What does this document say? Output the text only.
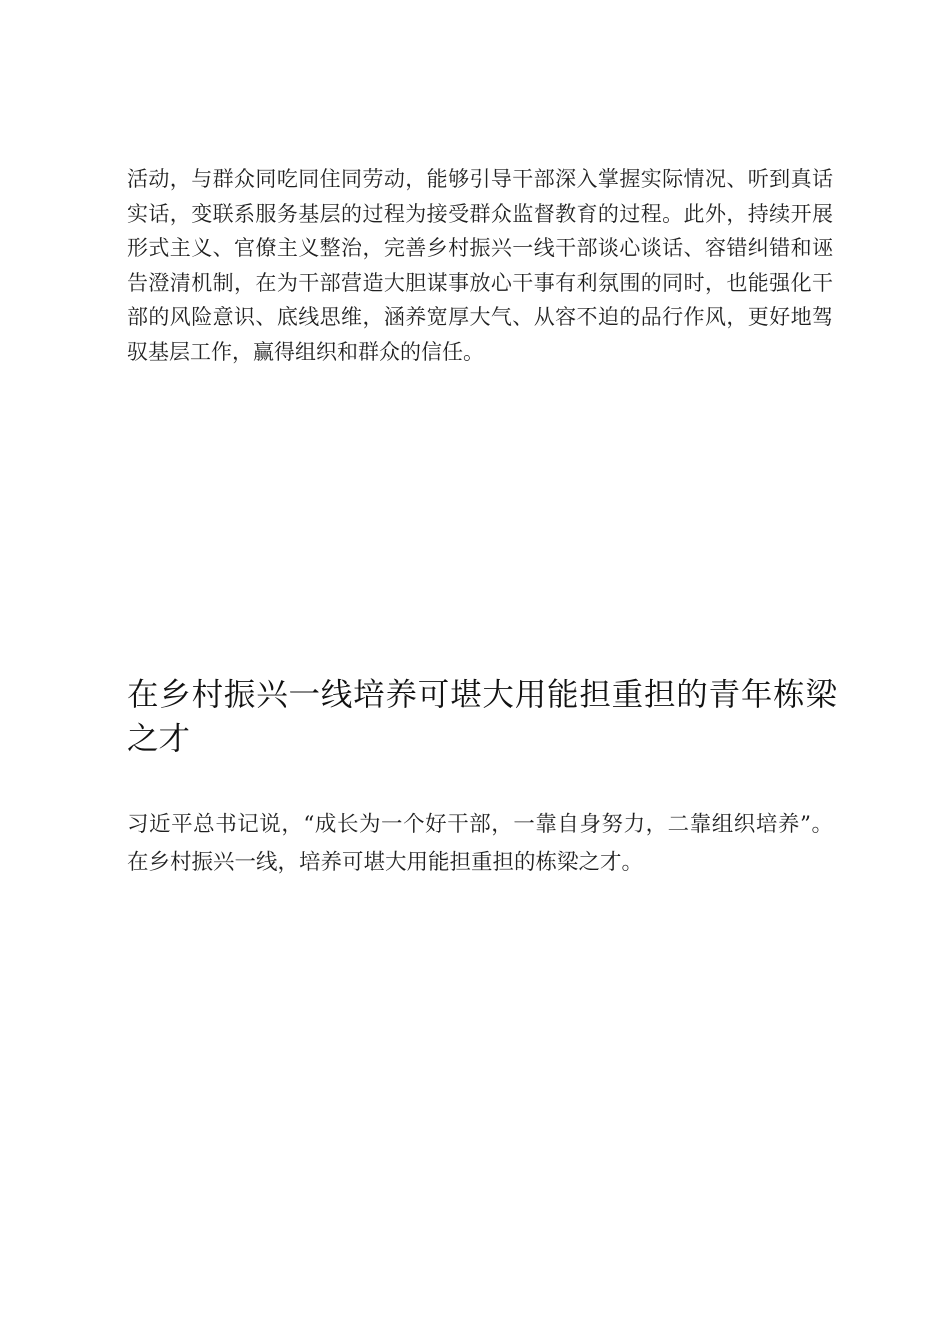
活动，与群众同吃同住同劳动，能够引导干部深入掌握实际情况、听到真话实话，变联系服务基层的过程为接受群众监督教育的过程。此外，持续开展形式主义、官僚主义整治，完善乡村振兴一线干部谈心谈话、容错纠错和诬告澄清机制，在为干部营造大胆谋事放心干事有利氛围的同时，也能强化干部的风险意识、底线思维，涵养宽厚大气、从容不迫的品行作风，更好地驾驭基层工作，赢得组织和群众的信任。

在乡村振兴一线培养可堪大用能担重担的青年栋梁之才

习近平总书记说，“成长为一个好干部，一靠自身努力，二靠组织培养”。在乡村振兴一线，培养可堪大用能担重担的栋梁之才。
